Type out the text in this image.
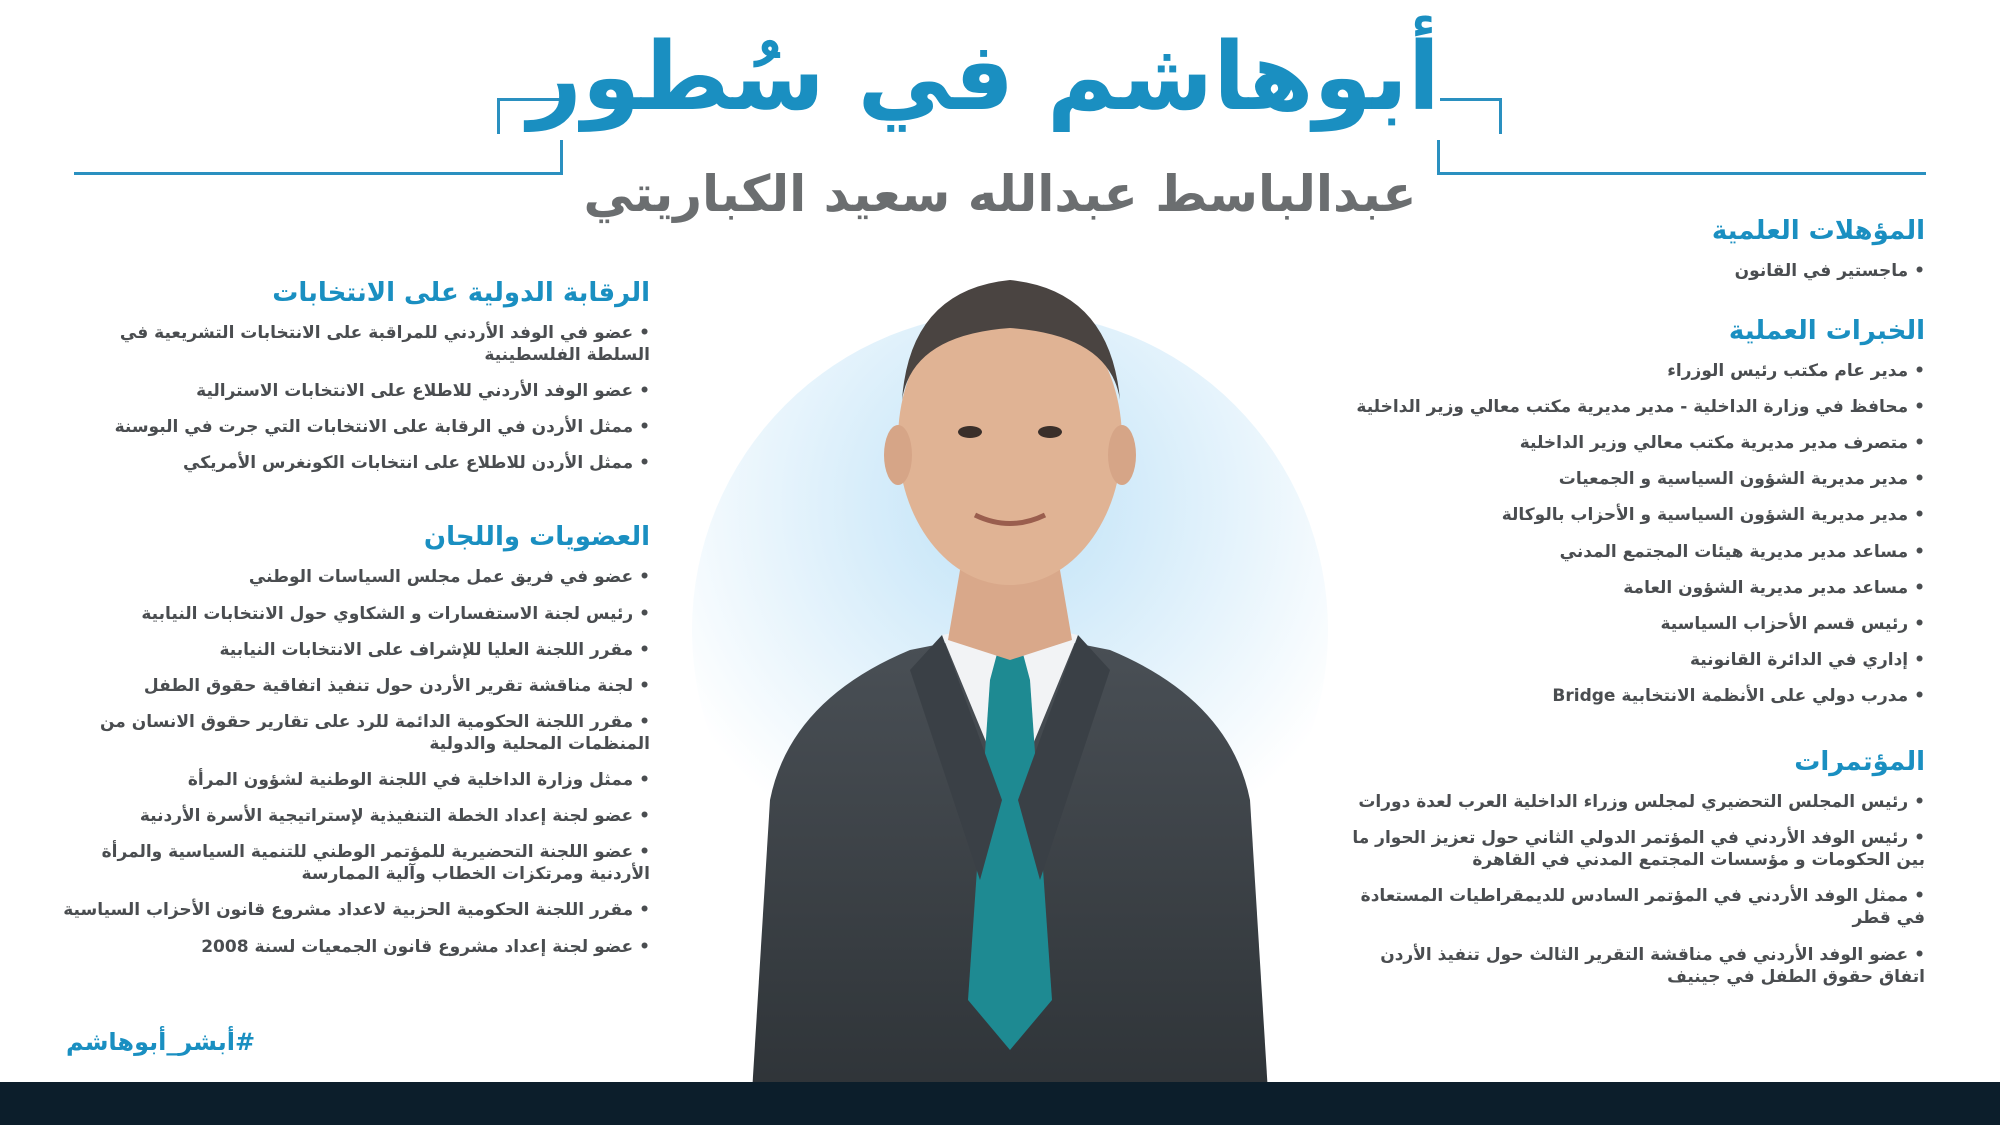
أبوهاشم في سُطور
عبدالباسط عبدالله سعيد الكباريتي
الرقابة الدولية على الانتخابات
•عضو في الوفد الأردني للمراقبة على الانتخابات التشريعية في السلطة الفلسطينية
•عضو الوفد الأردني للاطلاع على الانتخابات الاسترالية
•ممثل الأردن في الرقابة على الانتخابات التي جرت في البوسنة
•ممثل الأردن للاطلاع على انتخابات الكونغرس الأمريكي
العضويات واللجان
•عضو في فريق عمل مجلس السياسات الوطني
•رئيس لجنة الاستفسارات و الشكاوي حول الانتخابات النيابية
•مقرر اللجنة العليا للإشراف على الانتخابات النيابية
•لجنة مناقشة تقرير الأردن حول تنفيذ اتفاقية حقوق الطفل
•مقرر اللجنة الحكومية الدائمة للرد على تقارير حقوق الانسان من المنظمات المحلية والدولية
•ممثل وزارة الداخلية في اللجنة الوطنية لشؤون المرأة
•عضو لجنة إعداد الخطة التنفيذية لإستراتيجية الأسرة الأردنية
•عضو اللجنة التحضيرية للمؤتمر الوطني للتنمية السياسية والمرأة الأردنية ومرتكزات الخطاب وآلية الممارسة
•مقرر اللجنة الحكومية الحزبية لاعداد مشروع قانون الأحزاب السياسية
•عضو لجنة إعداد مشروع قانون الجمعيات لسنة 2008
المؤهلات العلمية
•ماجستير في القانون
الخبرات العملية
•مدير عام مكتب رئيس الوزراء
•محافظ في وزارة الداخلية - مدير مديرية مكتب معالي وزير الداخلية
•متصرف مدير مديرية مكتب معالي وزير الداخلية
•مدير مديرية الشؤون السياسية و الجمعيات
•مدير مديرية الشؤون السياسية و الأحزاب بالوكالة
•مساعد مدير مديرية هيئات المجتمع المدني
•مساعد مدير مديرية الشؤون العامة
•رئيس قسم الأحزاب السياسية
•إداري في الدائرة القانونية
•مدرب دولي على الأنظمة الانتخابية Bridge
المؤتمرات
•رئيس المجلس التحضيري لمجلس وزراء الداخلية العرب لعدة دورات
•رئيس الوفد الأردني في المؤتمر الدولي الثاني حول تعزيز الحوار ما بين الحكومات و مؤسسات المجتمع المدني في القاهرة
•ممثل الوفد الأردني في المؤتمر السادس للديمقراطيات المستعادة في قطر
•عضو الوفد الأردني في مناقشة التقرير الثالث حول تنفيذ الأردن اتفاق حقوق الطفل في جينيف
#أبشر_أبوهاشم
